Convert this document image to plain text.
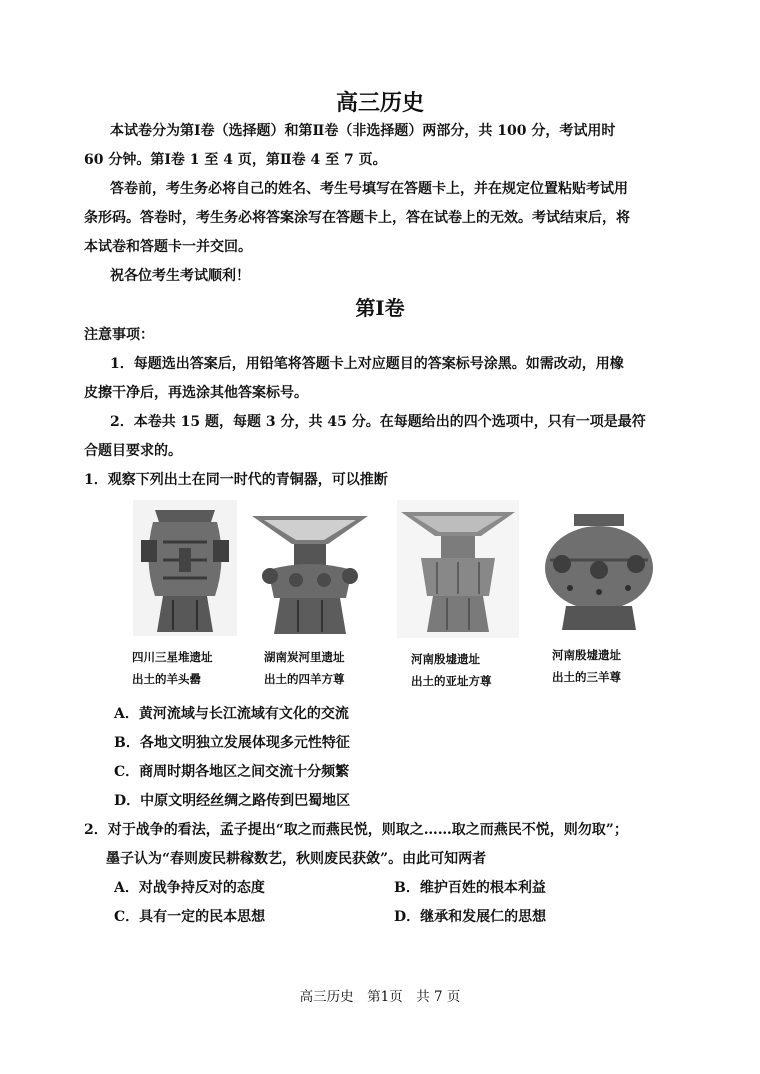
高三历史
本试卷分为第Ⅰ卷（选择题）和第Ⅱ卷（非选择题）两部分，共 100 分，考试用时
60 分钟。第Ⅰ卷 1 至 4 页，第Ⅱ卷 4 至 7 页。
答卷前，考生务必将自己的姓名、考生号填写在答题卡上，并在规定位置粘贴考试用
条形码。答卷时，考生务必将答案涂写在答题卡上，答在试卷上的无效。考试结束后，将
本试卷和答题卡一并交回。
祝各位考生考试顺利！
第Ⅰ卷
注意事项：
1．每题选出答案后，用铅笔将答题卡上对应题目的答案标号涂黑。如需改动，用橡
皮擦干净后，再选涂其他答案标号。
2．本卷共 15 题，每题 3 分，共 45 分。在每题给出的四个选项中，只有一项是最符
合题目要求的。
1．观察下列出土在同一时代的青铜器，可以推断
四川三星堆遗址
出土的羊头罍
湖南炭河里遗址
出土的四羊方尊
河南殷墟遗址
出土的亚址方尊
河南殷墟遗址
出土的三羊尊
A．黄河流域与长江流域有文化的交流
B．各地文明独立发展体现多元性特征
C．商周时期各地区之间交流十分频繁
D．中原文明经丝绸之路传到巴蜀地区
2．对于战争的看法，孟子提出“取之而燕民悦，则取之……取之而燕民不悦，则勿取”；
墨子认为“春则废民耕稼数艺，秋则废民获敛”。由此可知两者
A．对战争持反对的态度	B．维护百姓的根本利益
C．具有一定的民本思想	D．继承和发展仁的思想
高三历史　第1页　共 7 页
